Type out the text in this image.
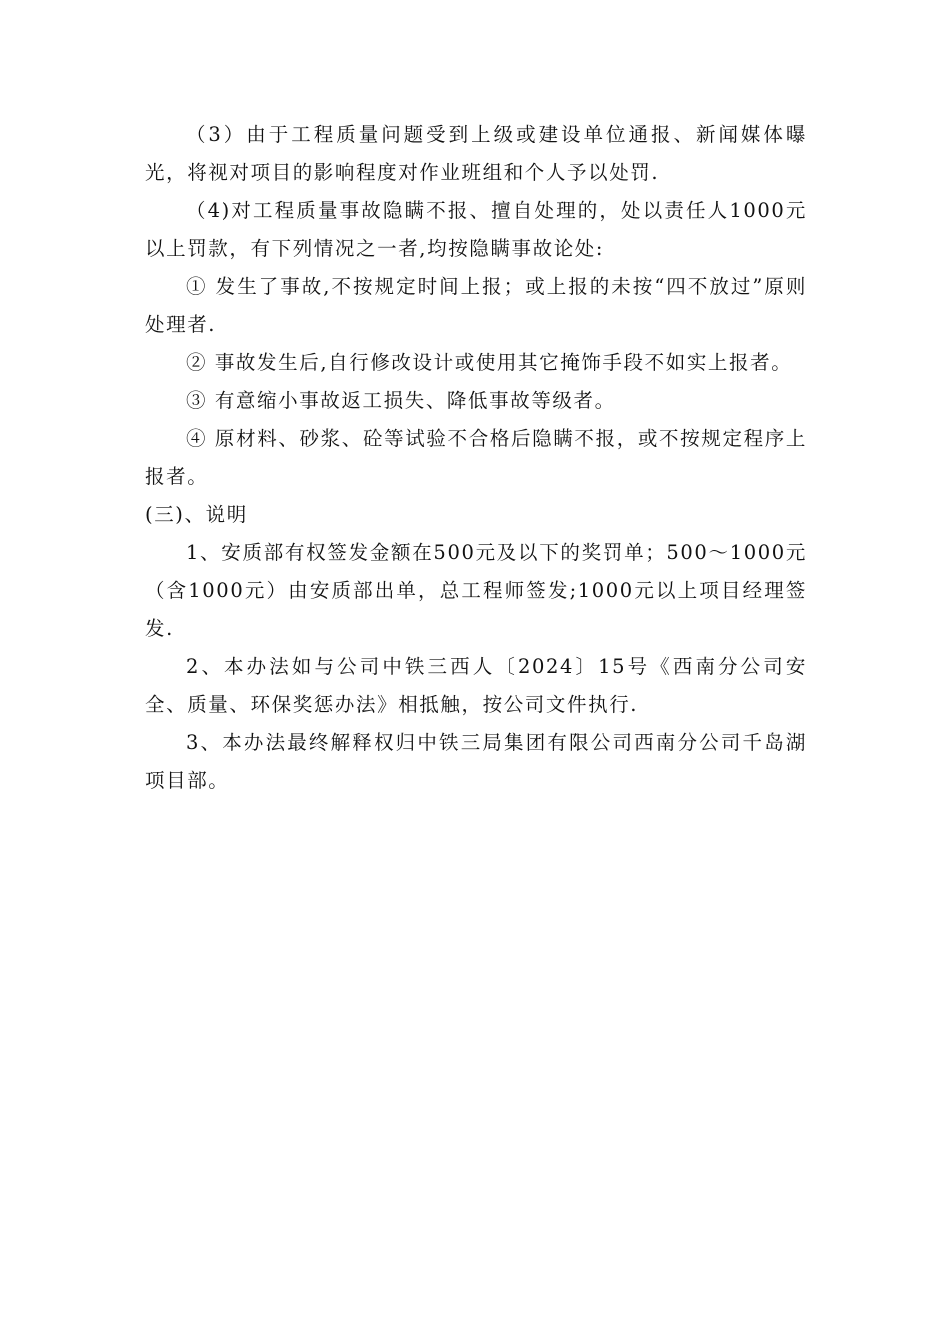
（3）由于工程质量问题受到上级或建设单位通报、新闻媒体曝光，将视对项目的影响程度对作业班组和个人予以处罚.

（4)对工程质量事故隐瞒不报、擅自处理的，处以责任人1000元以上罚款，有下列情况之一者,均按隐瞒事故论处:

① 发生了事故,不按规定时间上报；或上报的未按“四不放过”原则处理者.

② 事故发生后,自行修改设计或使用其它掩饰手段不如实上报者。

③ 有意缩小事故返工损失、降低事故等级者。

④ 原材料、砂浆、砼等试验不合格后隐瞒不报，或不按规定程序上报者。

(三)、说明

1、安质部有权签发金额在500元及以下的奖罚单；500～1000元（含1000元）由安质部出单，总工程师签发;1000元以上项目经理签发.

2、本办法如与公司中铁三西人〔2024〕15号《西南分公司安全、质量、环保奖惩办法》相抵触，按公司文件执行.

3、本办法最终解释权归中铁三局集团有限公司西南分公司千岛湖项目部。
